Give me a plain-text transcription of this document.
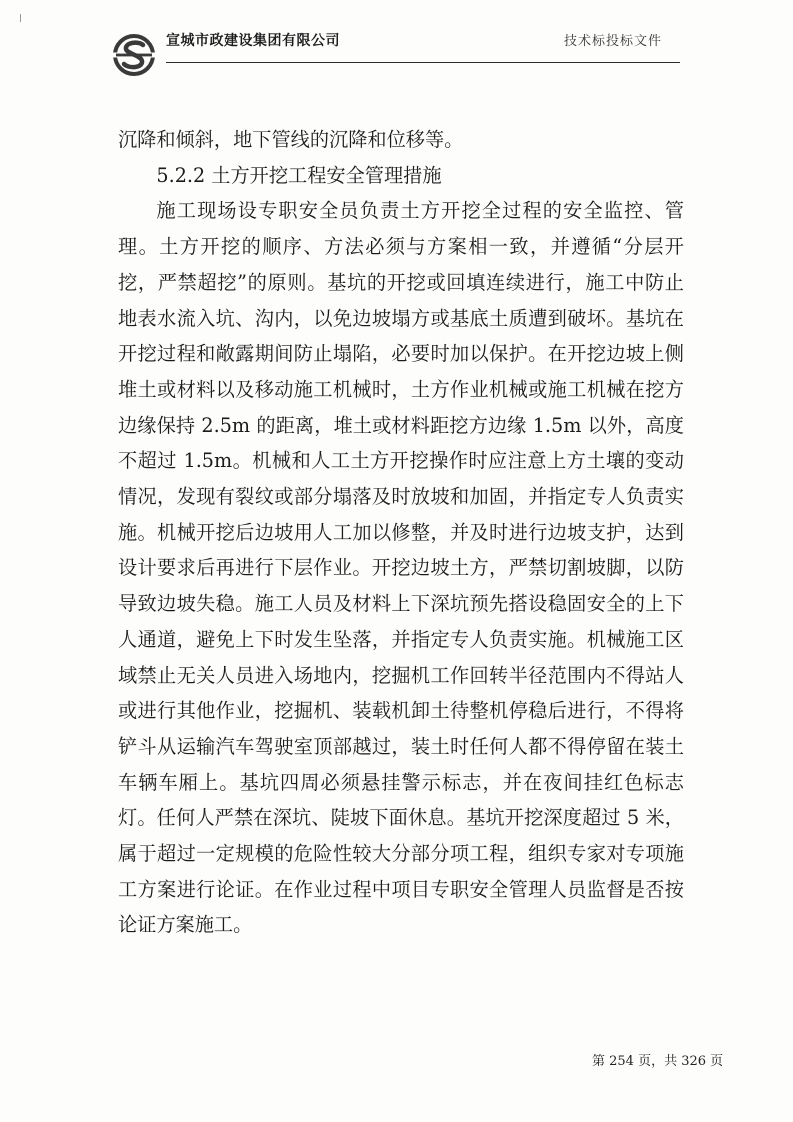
宣城市政建设集团有限公司	技术标投标文件

沉降和倾斜，地下管线的沉降和位移等。

5.2.2 土方开挖工程安全管理措施

施工现场设专职安全员负责土方开挖全过程的安全监控、管理。土方开挖的顺序、方法必须与方案相一致，并遵循“分层开挖，严禁超挖”的原则。基坑的开挖或回填连续进行，施工中防止地表水流入坑、沟内，以免边坡塌方或基底土质遭到破坏。基坑在开挖过程和敞露期间防止塌陷，必要时加以保护。在开挖边坡上侧堆土或材料以及移动施工机械时，土方作业机械或施工机械在挖方边缘保持 2.5m 的距离，堆土或材料距挖方边缘 1.5m 以外，高度不超过 1.5m。机械和人工土方开挖操作时应注意上方土壤的变动情况，发现有裂纹或部分塌落及时放坡和加固，并指定专人负责实施。机械开挖后边坡用人工加以修整，并及时进行边坡支护，达到设计要求后再进行下层作业。开挖边坡土方，严禁切割坡脚，以防导致边坡失稳。施工人员及材料上下深坑预先搭设稳固安全的上下人通道，避免上下时发生坠落，并指定专人负责实施。机械施工区域禁止无关人员进入场地内，挖掘机工作回转半径范围内不得站人或进行其他作业，挖掘机、装载机卸土待整机停稳后进行，不得将铲斗从运输汽车驾驶室顶部越过，装土时任何人都不得停留在装土车辆车厢上。基坑四周必须悬挂警示标志，并在夜间挂红色标志灯。任何人严禁在深坑、陡坡下面休息。基坑开挖深度超过 5 米，属于超过一定规模的危险性较大分部分项工程，组织专家对专项施工方案进行论证。在作业过程中项目专职安全管理人员监督是否按论证方案施工。

第 254 页，共 326 页
